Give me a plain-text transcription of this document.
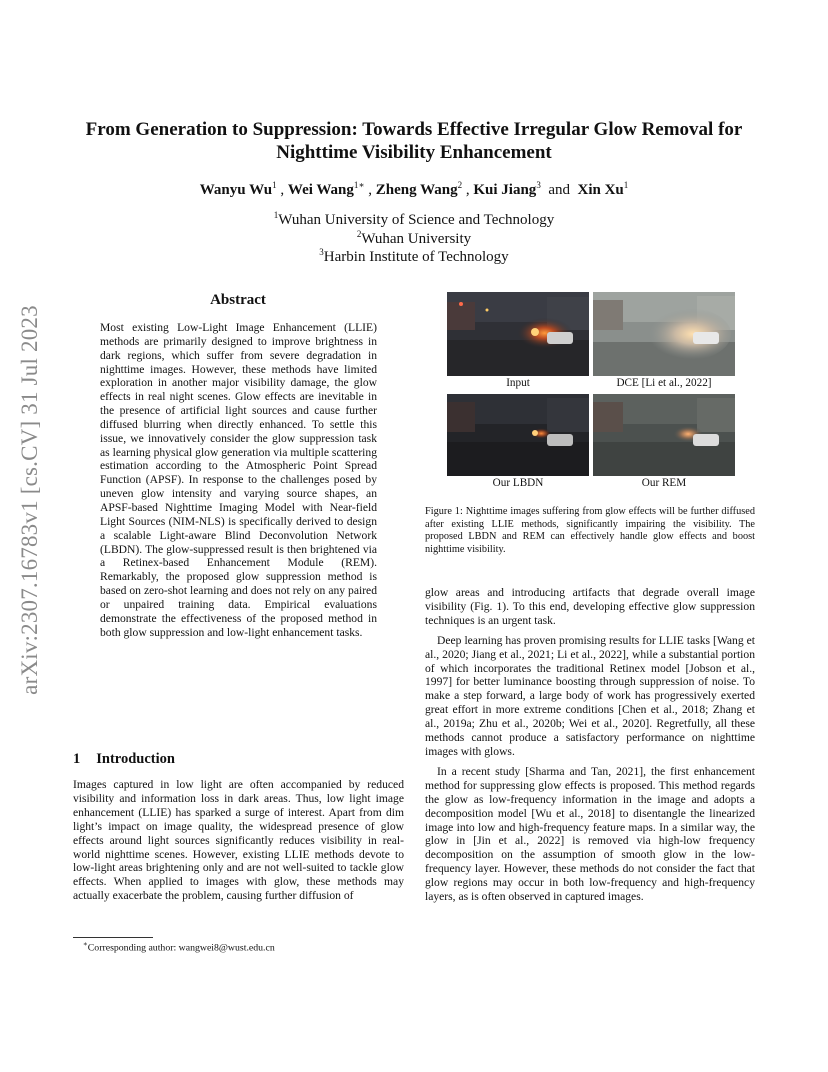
From Generation to Suppression: Towards Effective Irregular Glow Removal for Nighttime Visibility Enhancement
Wanyu Wu$^1$ , Wei Wang$^{1∗}$ , Zheng Wang$^2$ , Kui Jiang$^3$ and Xin Xu$^1$
$^1$Wuhan University of Science and Technology
$^2$Wuhan University
$^3$Harbin Institute of Technology
arXiv:2307.16783v1 [cs.CV] 31 Jul 2023
Abstract
Most existing Low-Light Image Enhancement (LLIE) methods are primarily designed to improve brightness in dark regions, which suffer from severe degradation in nighttime images. However, these methods have limited exploration in another major visibility damage, the glow effects in real night scenes. Glow effects are inevitable in the presence of artificial light sources and cause further diffused blurring when directly enhanced. To settle this issue, we innovatively consider the glow suppression task as learning physical glow generation via multiple scattering estimation according to the Atmospheric Point Spread Function (APSF). In response to the challenges posed by uneven glow intensity and varying source shapes, an APSF-based Nighttime Imaging Model with Near-field Light Sources (NIM-NLS) is specifically derived to design a scalable Light-aware Blind Deconvolution Network (LBDN). The glow-suppressed result is then brightened via a Retinex-based Enhancement Module (REM). Remarkably, the proposed glow suppression method is based on zero-shot learning and does not rely on any paired or unpaired training data. Empirical evaluations demonstrate the effectiveness of the proposed method in both glow suppression and low-light enhancement tasks.
1 Introduction
Images captured in low light are often accompanied by reduced visibility and information loss in dark areas. Thus, low light image enhancement (LLIE) has sparked a surge of interest. Apart from dim light’s impact on image quality, the widespread presence of glow effects around light sources significantly reduces visibility in real-world nighttime scenes. However, existing LLIE methods devote to low-light areas brightening only and are not well-suited to tackle glow effects. When applied to images with glow, these methods may actually exacerbate the problem, causing further diffusion of
∗Corresponding author: wangwei8@wust.edu.cn
Input	DCE [Li et al., 2022]
Our LBDN	Our REM
Figure 1: Nighttime images suffering from glow effects will be further diffused after existing LLIE methods, significantly impairing the visibility. The proposed LBDN and REM can effectively handle glow effects and boost nighttime visibility.

glow areas and introducing artifacts that degrade overall image visibility (Fig. 1). To this end, developing effective glow suppression techniques is an urgent task.

Deep learning has proven promising results for LLIE tasks [Wang et al., 2020; Jiang et al., 2021; Li et al., 2022], while a substantial portion of which incorporates the traditional Retinex model [Jobson et al., 1997] for better luminance boosting through suppression of noise. To make a step forward, a large body of work has progressively exerted great effort in more extreme conditions [Chen et al., 2018; Zhang et al., 2019a; Zhu et al., 2020b; Wei et al., 2020]. Regretfully, all these methods cannot produce a satisfactory performance on nighttime images with glows.

In a recent study [Sharma and Tan, 2021], the first enhancement method for suppressing glow effects is proposed. This method regards the glow as low-frequency information in the image and adopts a decomposition model [Wu et al., 2018] to disentangle the linearized image into low and high-frequency feature maps. In a similar way, the glow in [Jin et al., 2022] is removed via high-low frequency decomposition on the assumption of smooth glow in the low-frequency layer. However, these methods do not consider the fact that glow regions may occur in both low-frequency and high-frequency layers, as is often observed in captured images.
